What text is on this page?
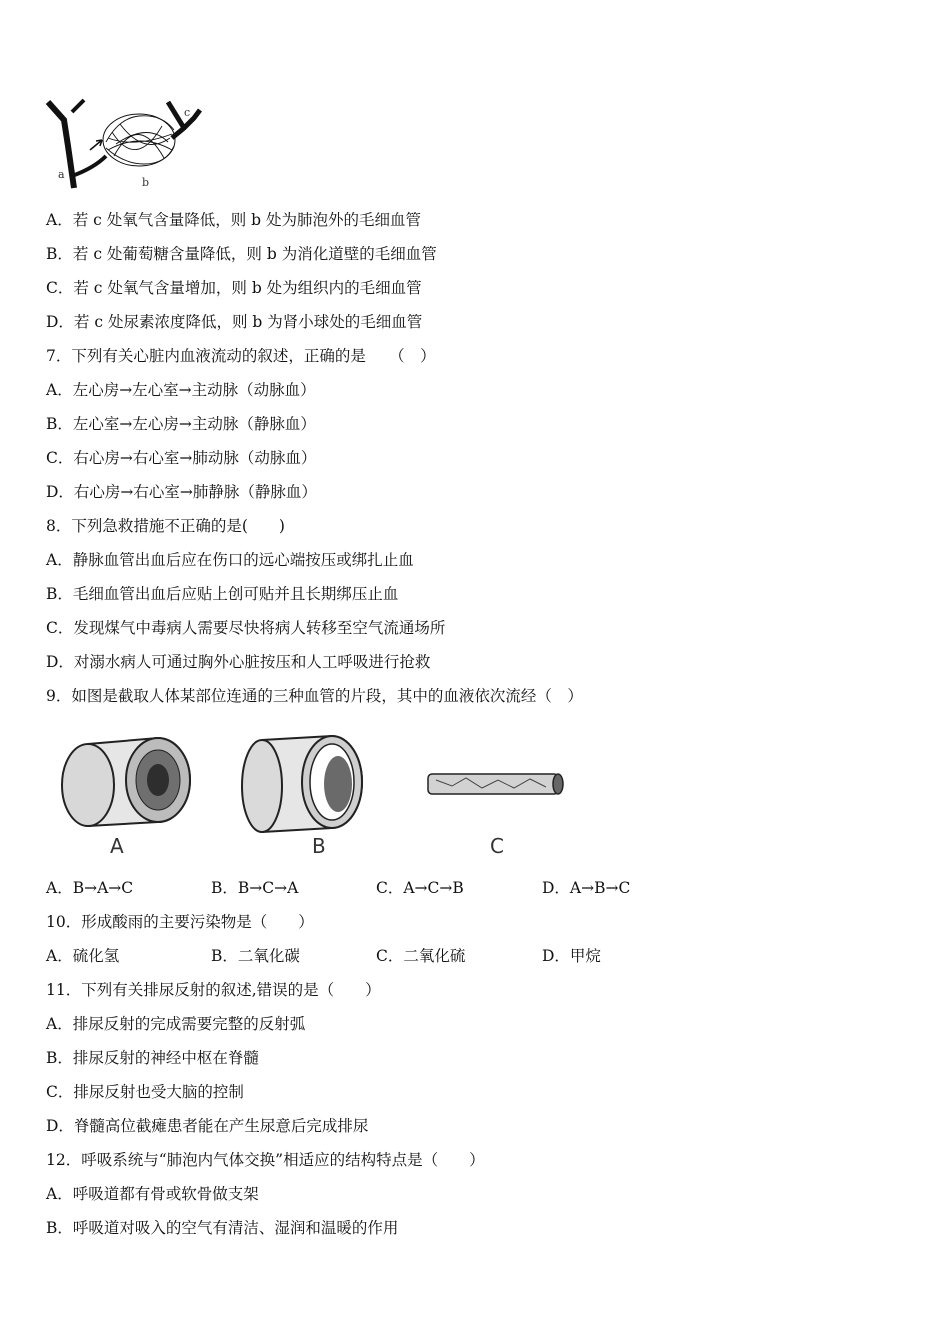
a
b
c
A．若 c 处氧气含量降低，则 b 处为肺泡外的毛细血管
B．若 c 处葡萄糖含量降低，则 b 为消化道壁的毛细血管
C．若 c 处氧气含量增加，则 b 处为组织内的毛细血管
D．若 c 处尿素浓度降低，则 b 为肾小球处的毛细血管
7．下列有关心脏内血液流动的叙述，正确的是　　（　）
A．左心房→左心室→主动脉（动脉血）
B．左心室→左心房→主动脉（静脉血）
C．右心房→右心室→肺动脉（动脉血）
D．右心房→右心室→肺静脉（静脉血）
8．下列急救措施不正确的是(　　)
A．静脉血管出血后应在伤口的远心端按压或绑扎止血
B．毛细血管出血后应贴上创可贴并且长期绑压止血
C．发现煤气中毒病人需要尽快将病人转移至空气流通场所
D．对溺水病人可通过胸外心脏按压和人工呼吸进行抢救
9．如图是截取人体某部位连通的三种血管的片段，其中的血液依次流经（　）
A	B	C
A．B→A→C	B．B→C→A	C．A→C→B	D．A→B→C
10．形成酸雨的主要污染物是（　　）
A．硫化氢	B．二氧化碳	C．二氧化硫	D．甲烷
11．下列有关排尿反射的叙述,错误的是（　　）
A．排尿反射的完成需要完整的反射弧
B．排尿反射的神经中枢在脊髓
C．排尿反射也受大脑的控制
D．脊髓高位截瘫患者能在产生尿意后完成排尿
12．呼吸系统与“肺泡内气体交换”相适应的结构特点是（　　）
A．呼吸道都有骨或软骨做支架
B．呼吸道对吸入的空气有清洁、湿润和温暖的作用
